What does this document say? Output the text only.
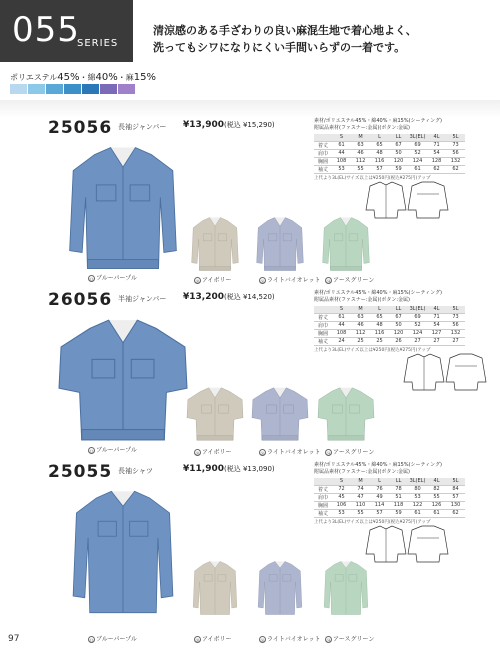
055
SERIES
清涼感のある手ざわりの良い麻混生地で着心地よく、
洗ってもシワになりにくい手間いらずの一着です。
ポリエステル45%・綿40%・麻15%
25056 長袖ジャンパー ¥13,900(税込 ¥15,290)	素材/ポリエステル45%・綿40%・麻15%(シーティング)
附属品素材(ファスナー:金属)(ボタン:金属)
	S	M	L	LL	3L(EL)	4L	5L
着丈	61	63	65	67	69	71	73
肩巾	44	46	48	50	52	54	56
胸囲	108	112	116	120	124	128	132
袖丈	53	55	57	59	61	62	62
上代より3L(EL)サイズ以上は¥250円(税込¥275円)アップ
⑬ ブルーパープル	⑳ アイボリー	㉖ ライトバイオレット	㉞ アースグリーン
26056 半袖ジャンパー ¥13,200(税込 ¥14,520)	素材/ポリエステル45%・綿40%・麻15%(シーティング)
附属品素材(ファスナー:金属)(ボタン:金属)
	S	M	L	LL	3L(EL)	4L	5L
着丈	61	63	65	67	69	71	73
肩巾	44	46	48	50	52	54	56
胸囲	108	112	116	120	124	127	132
袖丈	24	25	25	26	27	27	27
上代より3L(EL)サイズ以上は¥250円(税込¥275円)アップ
⑬ ブルーパープル	⑳ アイボリー	㉖ ライトバイオレット	㉞ アースグリーン
25055 長袖シャツ	¥11,900(税込 ¥13,090)	素材/ポリエステル45%・綿40%・麻15%(シーティング)
附属品素材(ファスナー:金属)(ボタン:金属)
	S	M	L	LL	3L(EL)	4L	5L
着丈	72	74	76	78	80	82	84
肩巾	45	47	49	51	53	55	57
胸囲	106	110	114	118	122	126	130
袖丈	53	55	57	59	61	61	62
上代より3L(EL)サイズ以上は¥250円(税込¥275円)アップ
⑬ ブルーパープル	⑳ アイボリー	㉖ ライトバイオレット	㉞ アースグリーン
97
